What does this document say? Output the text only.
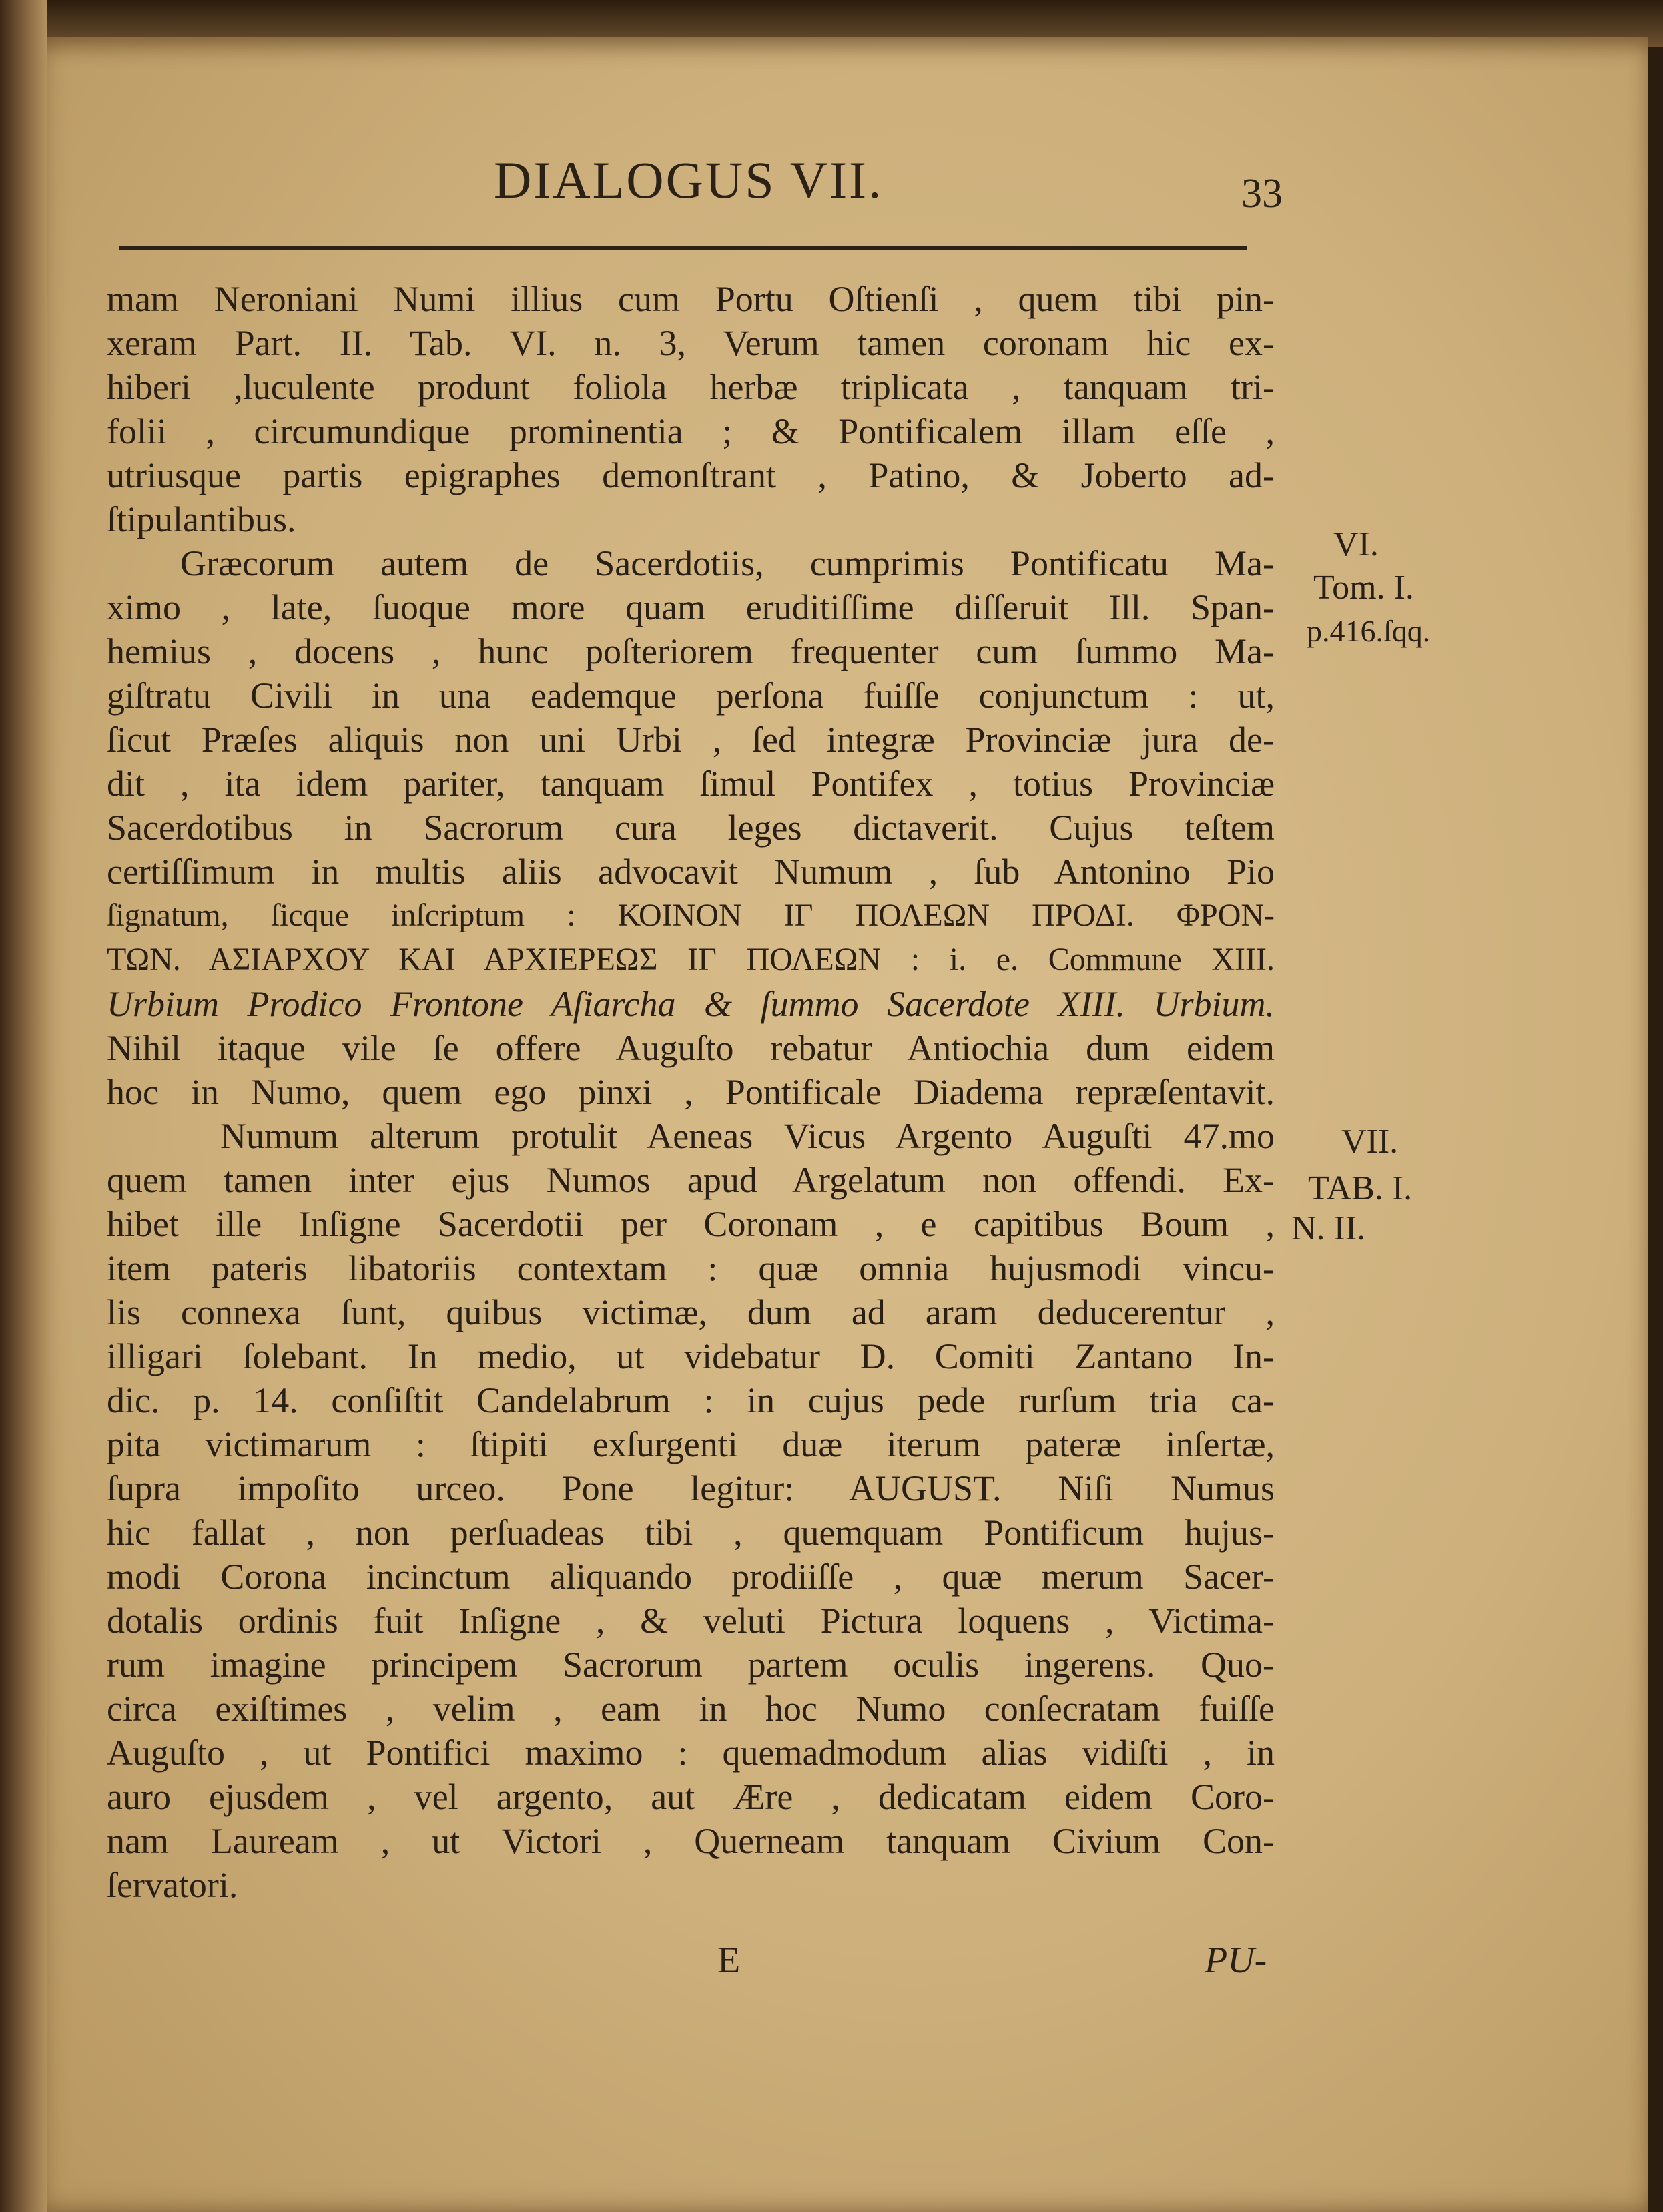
DIALOGUS VII.	33
mam Neroniani Numi illius cum Portu Oſtienſi , quem tibi pin-
xeram Part. II. Tab. VI. n. 3, Verum tamen coronam hic ex-
hiberi ,luculente produnt foliola herbæ triplicata , tanquam tri-
folii , circumundique prominentia ; & Pontificalem illam eſſe ,
utriusque partis epigraphes demonſtrant , Patino, & Joberto ad-
ſtipulantibus.
Græcorum autem de Sacerdotiis, cumprimis Pontificatu Ma-
ximo , late, ſuoque more quam eruditiſſime diſſeruit Ill. Span-
hemius , docens , hunc poſteriorem frequenter cum ſummo Ma-
giſtratu Civili in una eademque perſona fuiſſe conjunctum : ut,
ſicut Præſes aliquis non uni Urbi , ſed integræ Provinciæ jura de-
dit , ita idem pariter, tanquam ſimul Pontifex , totius Provinciæ
Sacerdotibus in Sacrorum cura leges dictaverit. Cujus teſtem
certiſſimum in multis aliis advocavit Numum , ſub Antonino Pio
ſignatum, ſicque inſcriptum : ΚΟΙΝΟΝ ΙΓ ΠΟΛΕΩΝ ΠΡΟΔΙ. ΦΡΟΝ-
ΤΩΝ. ΑΣΙΑΡΧΟΥ ΚΑΙ ΑΡΧΙΕΡΕΩΣ ΙΓ ΠΟΛΕΩΝ : i. e. Commune XIII.
Urbium Prodico Frontone Aſiarcha & ſummo Sacerdote XIII. Urbium.
Nihil itaque vile ſe offere Auguſto rebatur Antiochia dum eidem
hoc in Numo, quem ego pinxi , Pontificale Diadema repræſentavit.
Numum alterum protulit Aeneas Vicus Argento Auguſti 47.mo
quem tamen inter ejus Numos apud Argelatum non offendi. Ex-
hibet ille Inſigne Sacerdotii per Coronam , e capitibus Boum ,
item pateris libatoriis contextam : quæ omnia hujusmodi vincu-
lis connexa ſunt, quibus victimæ, dum ad aram deducerentur ,
illigari ſolebant. In medio, ut videbatur D. Comiti Zantano In-
dic. p. 14. conſiſtit Candelabrum : in cujus pede rurſum tria ca-
pita victimarum : ſtipiti exſurgenti duæ iterum pateræ inſertæ,
ſupra impoſito urceo. Pone legitur: AUGUST. Niſi Numus
hic fallat , non perſuadeas tibi , quemquam Pontificum hujus-
modi Corona incinctum aliquando prodiiſſe , quæ merum Sacer-
dotalis ordinis fuit Inſigne , & veluti Pictura loquens , Victima-
rum imagine principem Sacrorum partem oculis ingerens. Quo-
circa exiſtimes , velim , eam in hoc Numo conſecratam fuiſſe
Auguſto , ut Pontifici maximo : quemadmodum alias vidiſti , in
auro ejusdem , vel argento, aut Ære , dedicatam eidem Coro-
nam Lauream , ut Victori , Querneam tanquam Civium Con-
ſervatori.
VI.
Tom. I.
p.416.ſqq.
VII.
TAB. I.
N. II.
E	PU-
